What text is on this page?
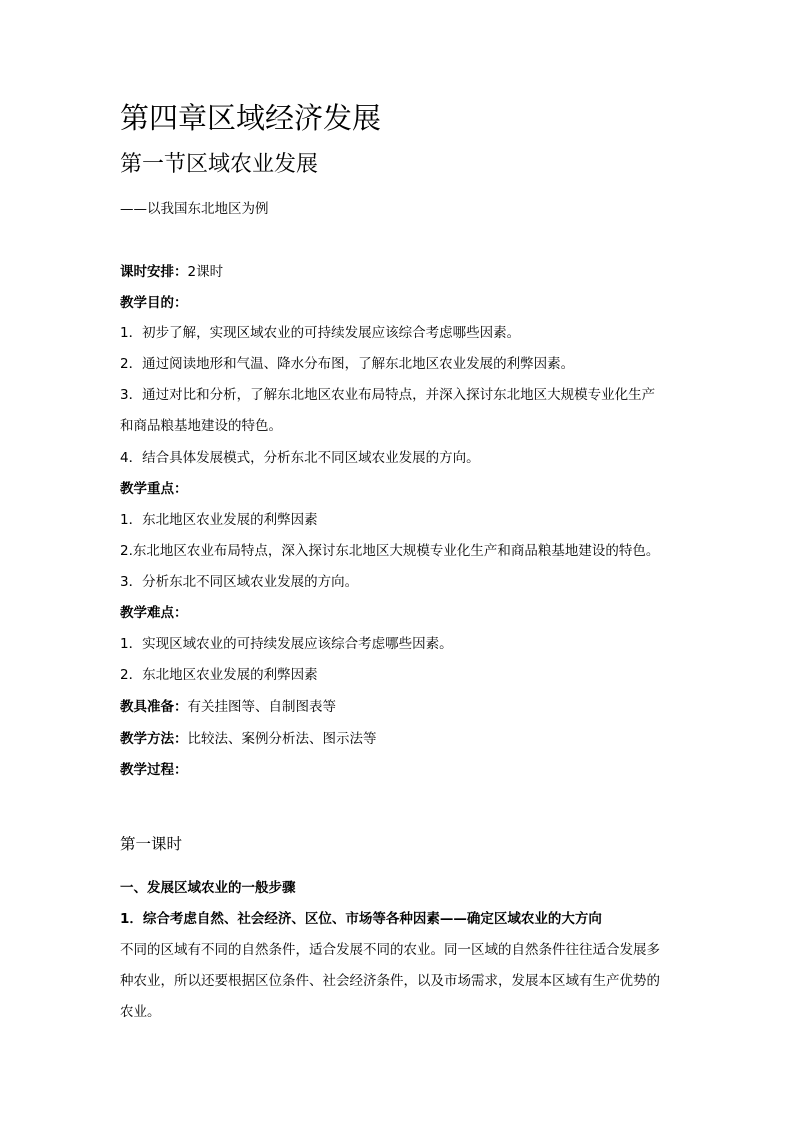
第四章区域经济发展
第一节区域农业发展
——以我国东北地区为例
课时安排：2课时
教学目的：
1．初步了解，实现区域农业的可持续发展应该综合考虑哪些因素。
2．通过阅读地形和气温、降水分布图，了解东北地区农业发展的利弊因素。
3．通过对比和分析，了解东北地区农业布局特点，并深入探讨东北地区大规模专业化生产
和商品粮基地建设的特色。
4．结合具体发展模式，分析东北不同区域农业发展的方向。
教学重点：
1．东北地区农业发展的利弊因素
2.东北地区农业布局特点，深入探讨东北地区大规模专业化生产和商品粮基地建设的特色。
3．分析东北不同区域农业发展的方向。
教学难点：
1．实现区域农业的可持续发展应该综合考虑哪些因素。
2．东北地区农业发展的利弊因素
教具准备：有关挂图等、自制图表等
教学方法：比较法、案例分析法、图示法等
教学过程：
第一课时
一、发展区域农业的一般步骤
1．综合考虑自然、社会经济、区位、市场等各种因素——确定区域农业的大方向
不同的区域有不同的自然条件，适合发展不同的农业。同一区域的自然条件往往适合发展多
种农业，所以还要根据区位条件、社会经济条件，以及市场需求，发展本区域有生产优势的
农业。
